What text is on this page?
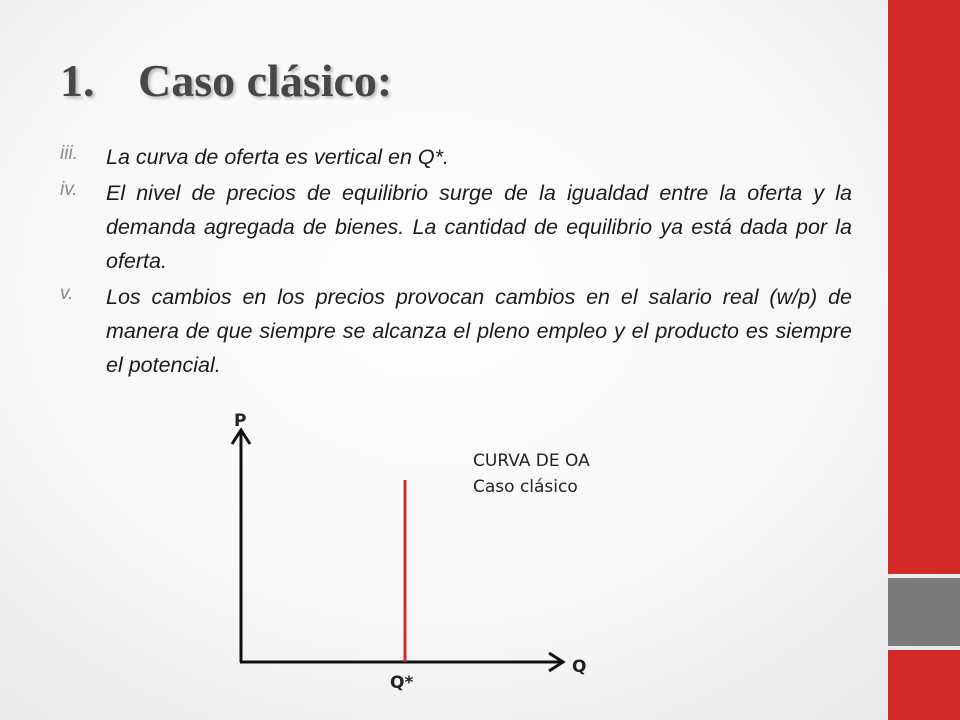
1. Caso clásico:
iii. La curva de oferta es vertical en Q*.
iv. El nivel de precios de equilibrio surge de la igualdad entre la oferta y la demanda agregada de bienes. La cantidad de equilibrio ya está dada por la oferta.
v. Los cambios en los precios provocan cambios en el salario real (w/p) de manera de que siempre se alcanza el pleno empleo y el producto es siempre el potencial.
P
Q
Q*
CURVA DE OA
Caso clásico
